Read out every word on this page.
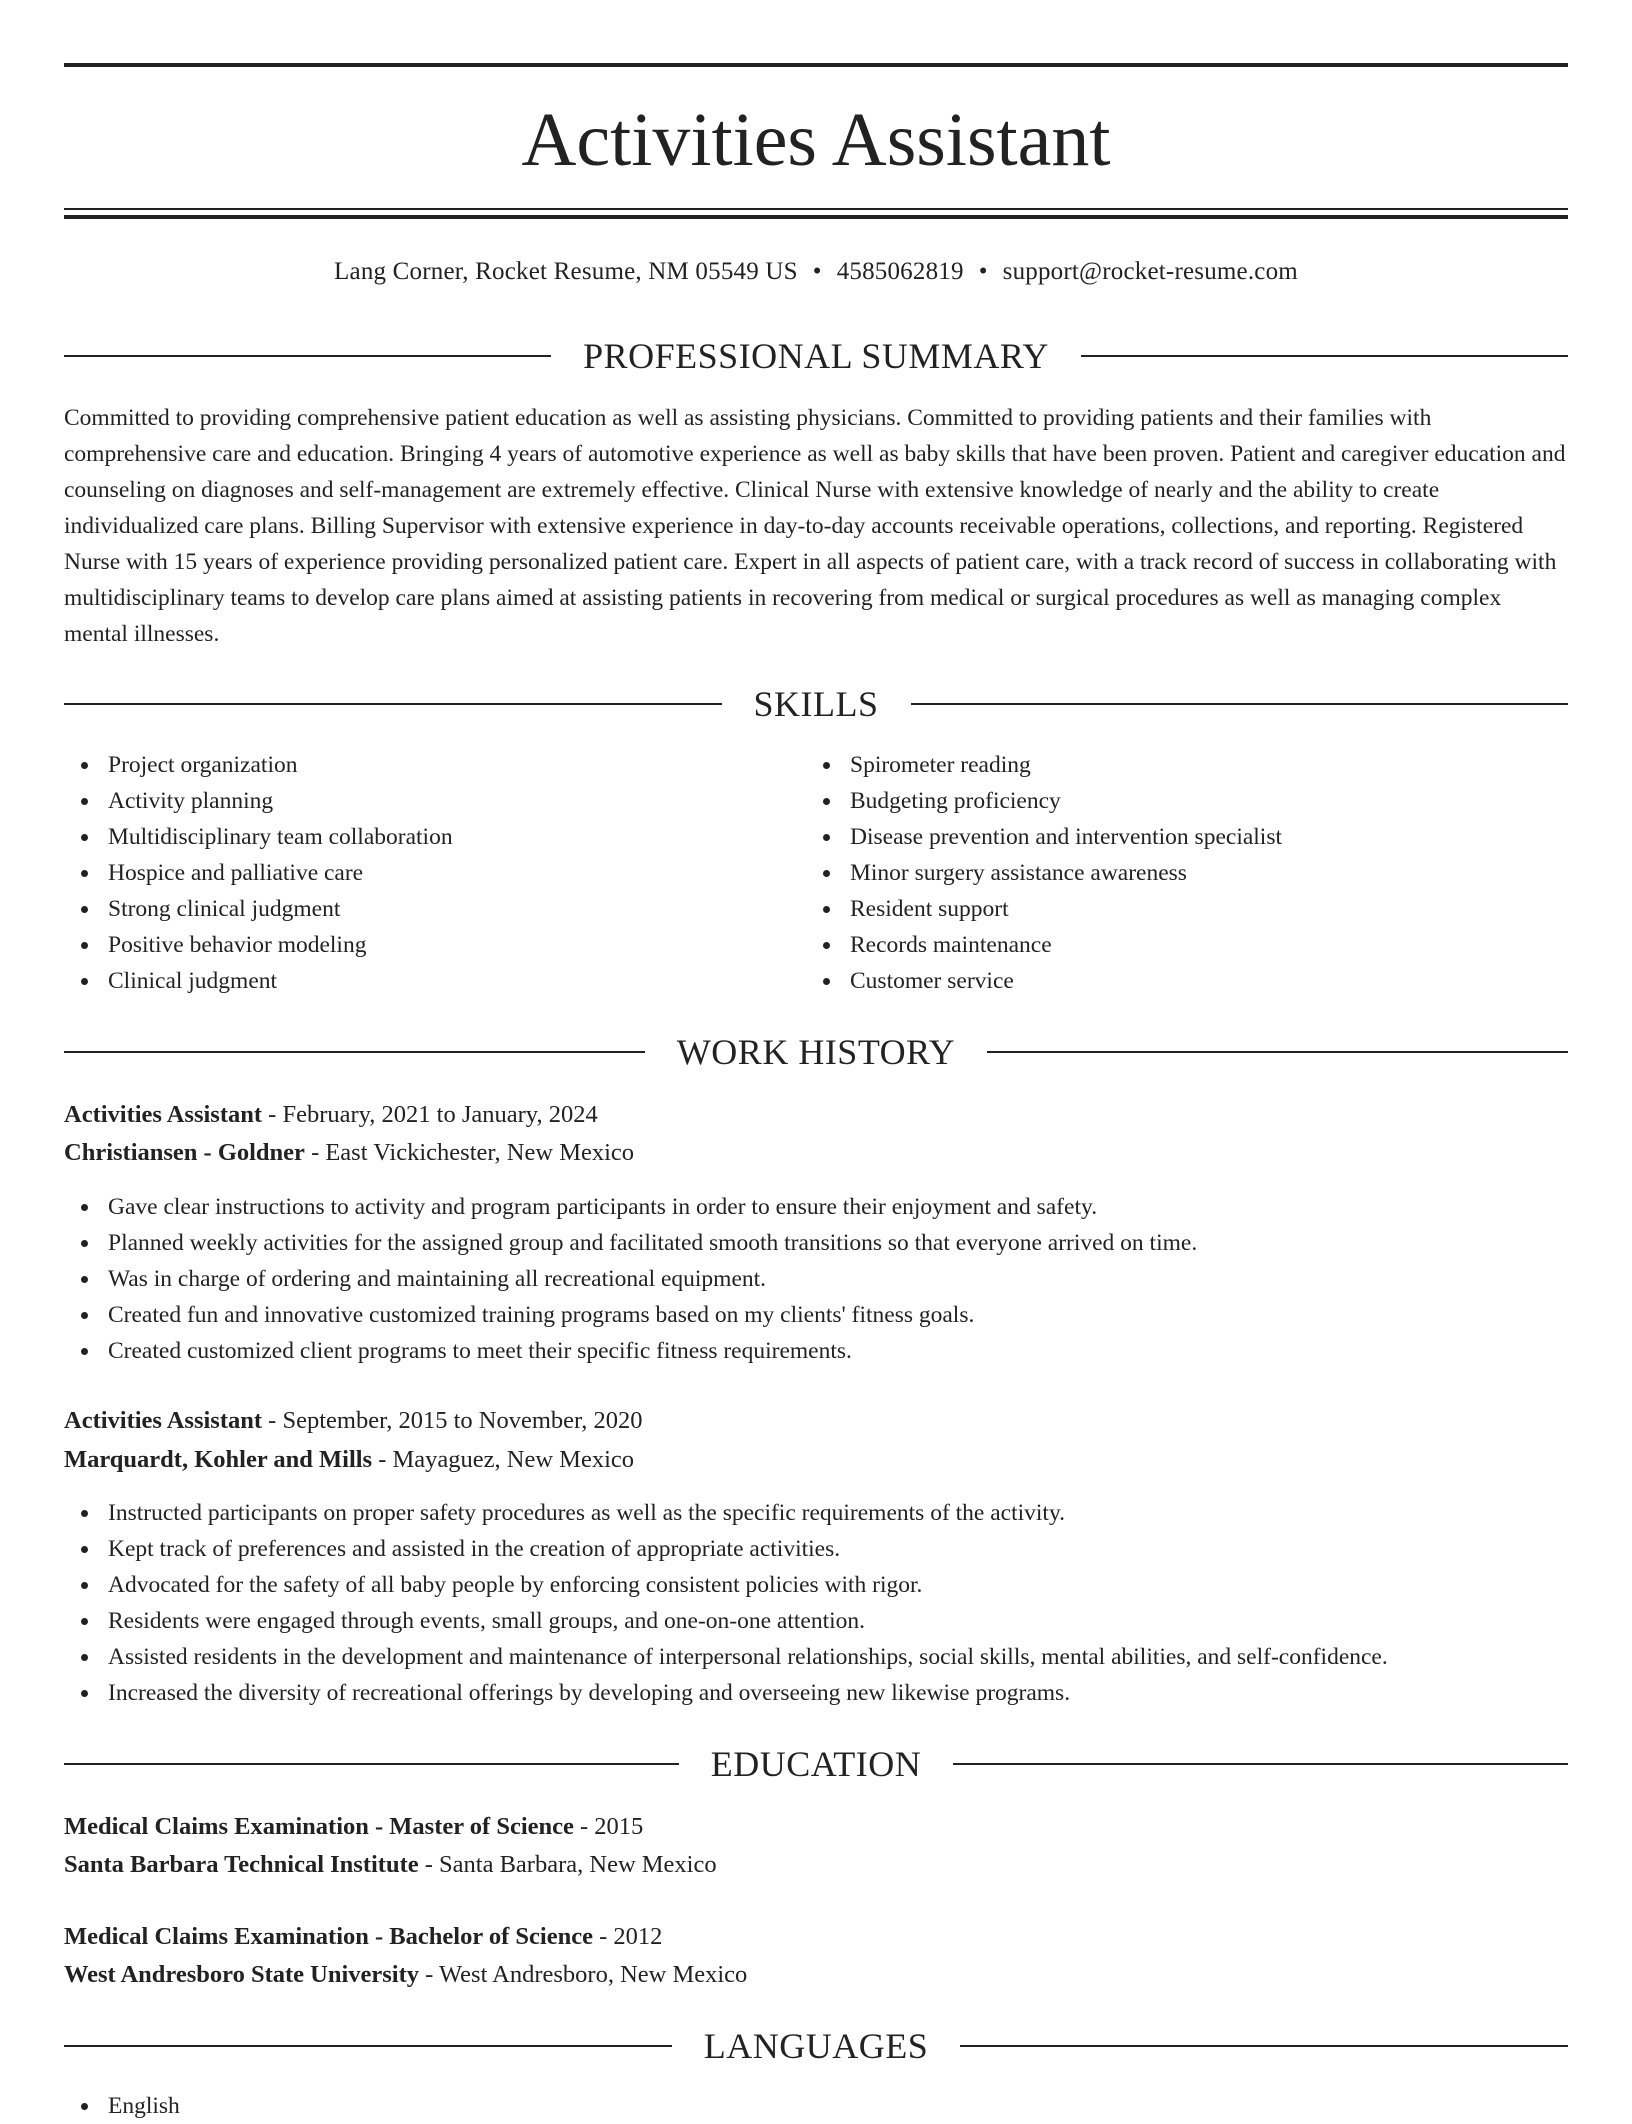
Activities Assistant
Lang Corner, Rocket Resume, NM 05549 US • 4585062819 • support@rocket-resume.com
PROFESSIONAL SUMMARY

Committed to providing comprehensive patient education as well as assisting physicians. Committed to providing patients and their families with comprehensive care and education. Bringing 4 years of automotive experience as well as baby skills that have been proven. Patient and caregiver education and counseling on diagnoses and self-management are extremely effective. Clinical Nurse with extensive knowledge of nearly and the ability to create individualized care plans. Billing Supervisor with extensive experience in day-to-day accounts receivable operations, collections, and reporting. Registered Nurse with 15 years of experience providing personalized patient care. Expert in all aspects of patient care, with a track record of success in collaborating with multidisciplinary teams to develop care plans aimed at assisting patients in recovering from medical or surgical procedures as well as managing complex mental illnesses.

SKILLS
Project organization
Activity planning
Multidisciplinary team collaboration
Hospice and palliative care
Strong clinical judgment
Positive behavior modeling
Clinical judgment
Spirometer reading
Budgeting proficiency
Disease prevention and intervention specialist
Minor surgery assistance awareness
Resident support
Records maintenance
Customer service
WORK HISTORY
Activities Assistant - February, 2021 to January, 2024
Christiansen - Goldner - East Vickichester, New Mexico
Gave clear instructions to activity and program participants in order to ensure their enjoyment and safety.
Planned weekly activities for the assigned group and facilitated smooth transitions so that everyone arrived on time.
Was in charge of ordering and maintaining all recreational equipment.
Created fun and innovative customized training programs based on my clients' fitness goals.
Created customized client programs to meet their specific fitness requirements.
Activities Assistant - September, 2015 to November, 2020
Marquardt, Kohler and Mills - Mayaguez, New Mexico
Instructed participants on proper safety procedures as well as the specific requirements of the activity.
Kept track of preferences and assisted in the creation of appropriate activities.
Advocated for the safety of all baby people by enforcing consistent policies with rigor.
Residents were engaged through events, small groups, and one-on-one attention.
Assisted residents in the development and maintenance of interpersonal relationships, social skills, mental abilities, and self-confidence.
Increased the diversity of recreational offerings by developing and overseeing new likewise programs.
EDUCATION
Medical Claims Examination - Master of Science - 2015
Santa Barbara Technical Institute - Santa Barbara, New Mexico
Medical Claims Examination - Bachelor of Science - 2012
West Andresboro State University - West Andresboro, New Mexico
LANGUAGES
English
